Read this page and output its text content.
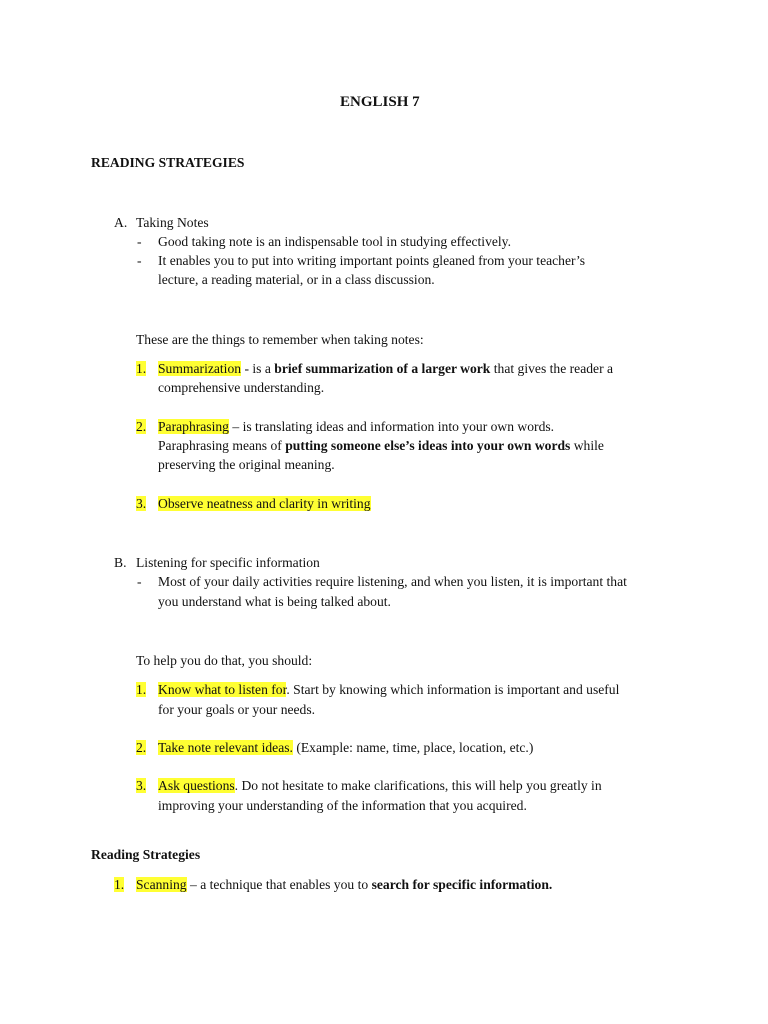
ENGLISH 7
READING STRATEGIES
A. Taking Notes
- Good taking note is an indispensable tool in studying effectively.
- It enables you to put into writing important points gleaned from your teacher’s
lecture, a reading material, or in a class discussion.
These are the things to remember when taking notes:
1. Summarization - is a brief summarization of a larger work that gives the reader a
comprehensive understanding.
2. Paraphrasing – is translating ideas and information into your own words.
Paraphrasing means of putting someone else’s ideas into your own words while
preserving the original meaning.
3. Observe neatness and clarity in writing
B. Listening for specific information
- Most of your daily activities require listening, and when you listen, it is important that
you understand what is being talked about.
To help you do that, you should:
1. Know what to listen for. Start by knowing which information is important and useful
for your goals or your needs.
2. Take note relevant ideas. (Example: name, time, place, location, etc.)
3. Ask questions. Do not hesitate to make clarifications, this will help you greatly in
improving your understanding of the information that you acquired.
Reading Strategies
1. Scanning – a technique that enables you to search for specific information.
